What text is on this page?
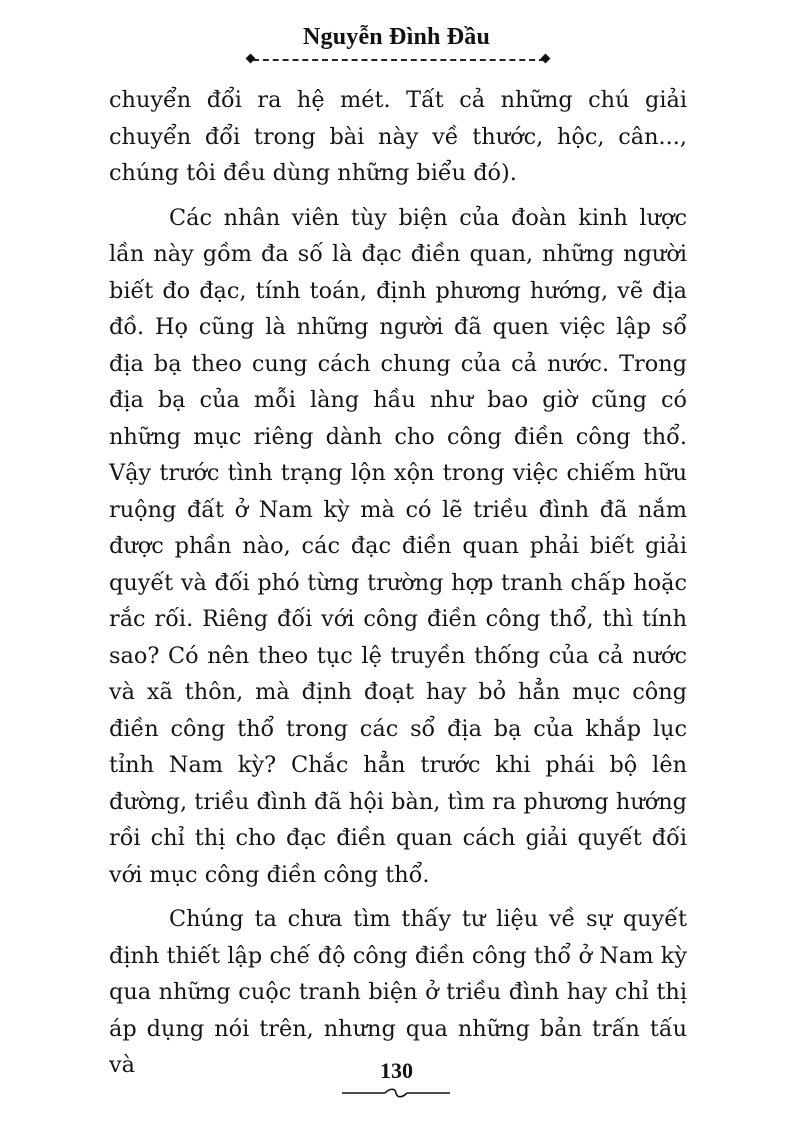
Nguyễn Đình Đầu

chuyển đổi ra hệ mét. Tất cả những chú giải chuyển đổi trong bài này về thước, hộc, cân..., chúng tôi đều dùng những biểu đó).

Các nhân viên tùy biện của đoàn kinh lược lần này gồm đa số là đạc điền quan, những người biết đo đạc, tính toán, định phương hướng, vẽ địa đồ. Họ cũng là những người đã quen việc lập sổ địa bạ theo cung cách chung của cả nước. Trong địa bạ của mỗi làng hầu như bao giờ cũng có những mục riêng dành cho công điền công thổ. Vậy trước tình trạng lộn xộn trong việc chiếm hữu ruộng đất ở Nam kỳ mà có lẽ triều đình đã nắm được phần nào, các đạc điền quan phải biết giải quyết và đối phó từng trường hợp tranh chấp hoặc rắc rối. Riêng đối với công điền công thổ, thì tính sao? Có nên theo tục lệ truyền thống của cả nước và xã thôn, mà định đoạt hay bỏ hẳn mục công điền công thổ trong các sổ địa bạ của khắp lục tỉnh Nam kỳ? Chắc hẳn trước khi phái bộ lên đường, triều đình đã hội bàn, tìm ra phương hướng rồi chỉ thị cho đạc điền quan cách giải quyết đối với mục công điền công thổ.

Chúng ta chưa tìm thấy tư liệu về sự quyết định thiết lập chế độ công điền công thổ ở Nam kỳ qua những cuộc tranh biện ở triều đình hay chỉ thị áp dụng nói trên, nhưng qua những bản trấn tấu và	130
